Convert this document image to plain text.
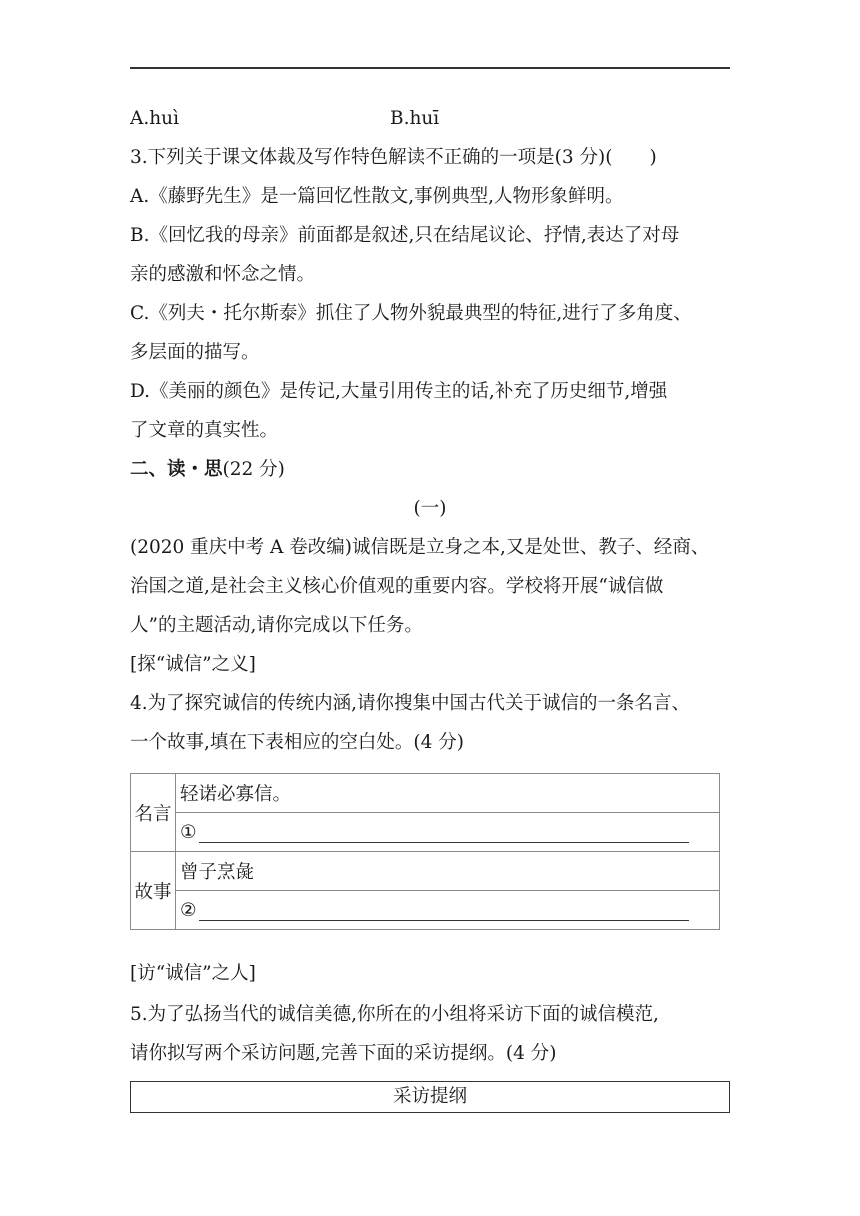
A.huì	B.huī
3.下列关于课文体裁及写作特色解读不正确的一项是(3 分)(　　)
A.《藤野先生》是一篇回忆性散文,事例典型,人物形象鲜明。
B.《回忆我的母亲》前面都是叙述,只在结尾议论、抒情,表达了对母
亲的感激和怀念之情。
C.《列夫・托尔斯泰》抓住了人物外貌最典型的特征,进行了多角度、
多层面的描写。
D.《美丽的颜色》是传记,大量引用传主的话,补充了历史细节,增强
了文章的真实性。
二、读・思(22 分)
(一)
(2020 重庆中考 A 卷改编)诚信既是立身之本,又是处世、教子、经商、
治国之道,是社会主义核心价值观的重要内容。学校将开展“诚信做
人”的主题活动,请你完成以下任务。
[探“诚信”之义]
4.为了探究诚信的传统内涵,请你搜集中国古代关于诚信的一条名言、
一个故事,填在下表相应的空白处。(4 分)
名言	轻诺必寡信。
	①
故事	曾子烹彘
	②
[访“诚信”之人]
5.为了弘扬当代的诚信美德,你所在的小组将采访下面的诚信模范,
请你拟写两个采访问题,完善下面的采访提纲。(4 分)
采访提纲
